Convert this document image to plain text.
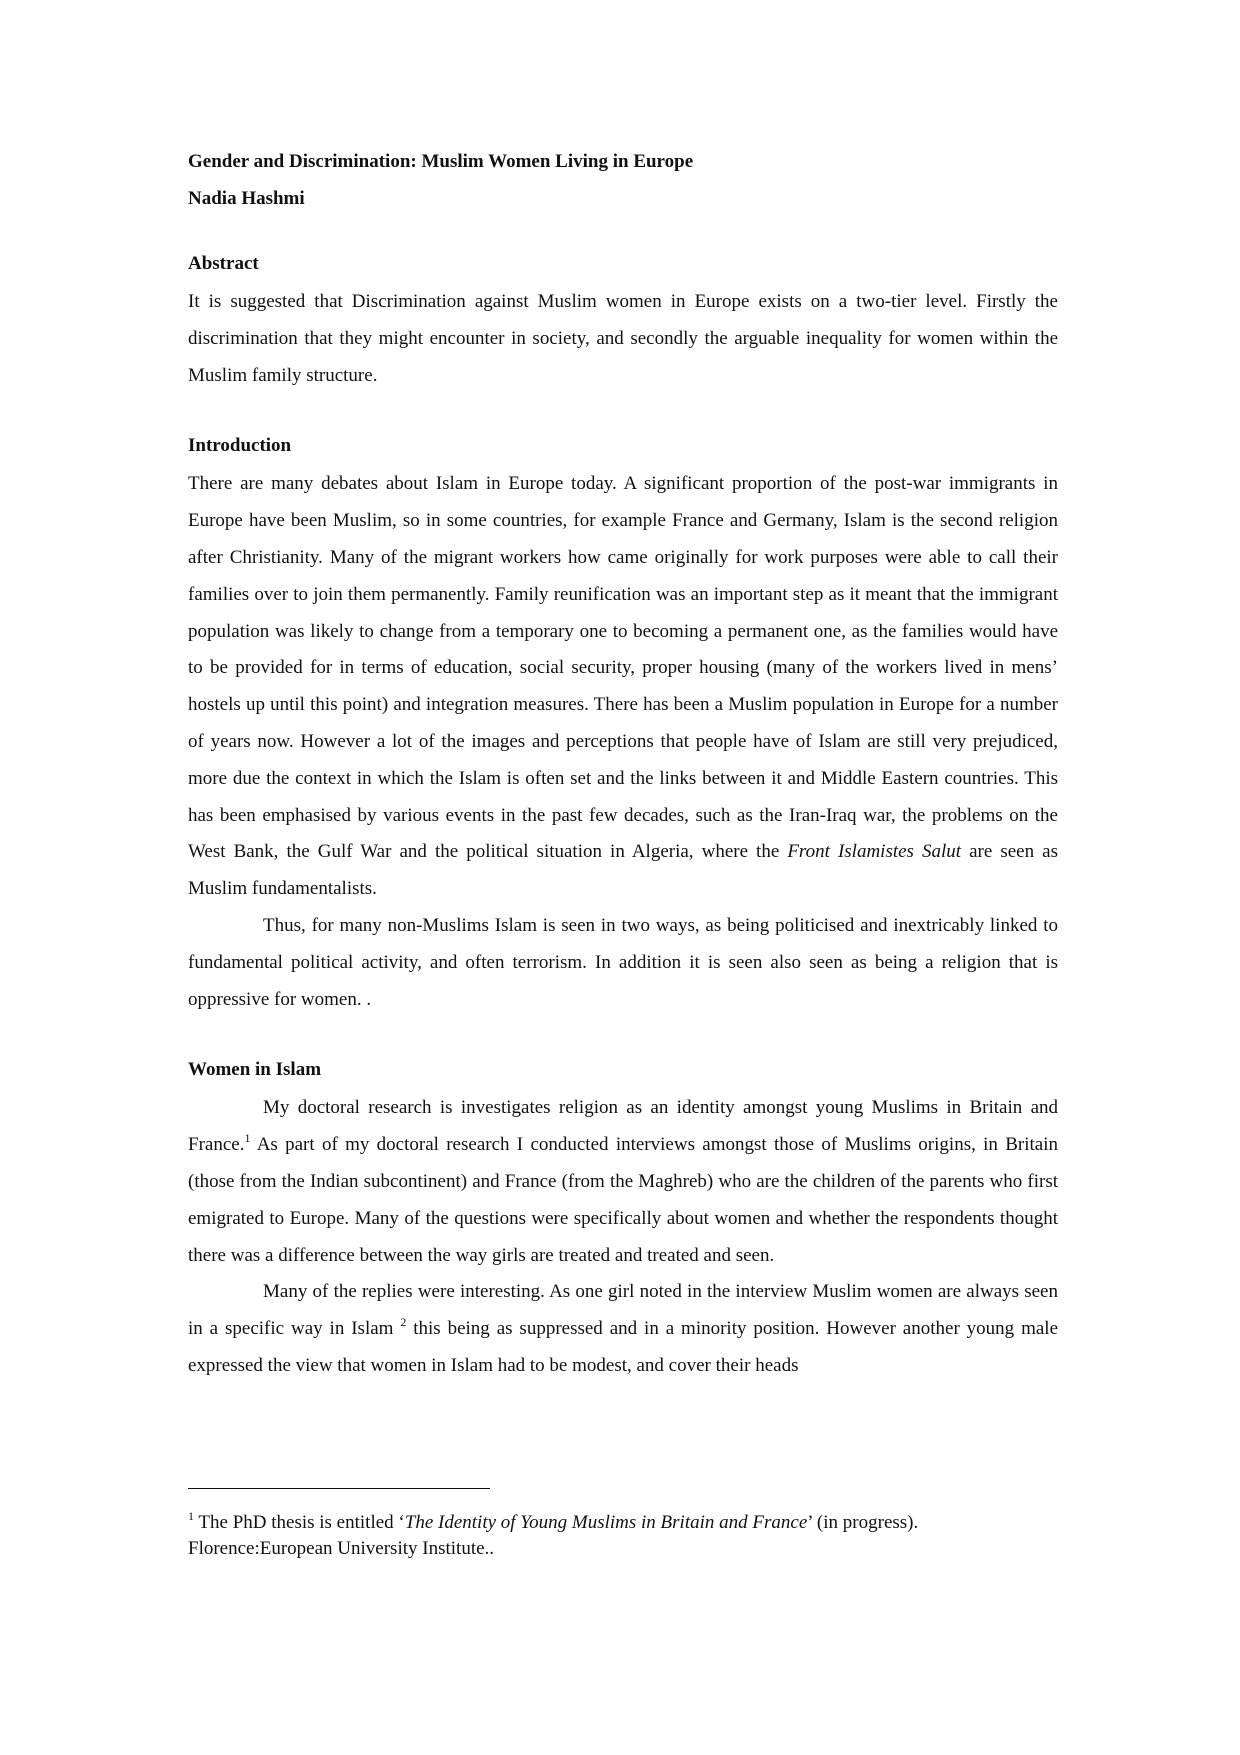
Gender and Discrimination: Muslim Women Living in Europe

Nadia Hashmi

Abstract

It is suggested that Discrimination against Muslim women in Europe exists on a two-tier level. Firstly the discrimination that they might encounter in society, and secondly the arguable inequality for women within the Muslim family structure.

Introduction

There are many debates about Islam in Europe today. A significant proportion of the post-war immigrants in Europe have been Muslim, so in some countries, for example France and Germany, Islam is the second religion after Christianity. Many of the migrant workers how came originally for work purposes were able to call their families over to join them permanently. Family reunification was an important step as it meant that the immigrant population was likely to change from a temporary one to becoming a permanent one, as the families would have to be provided for in terms of education, social security, proper housing (many of the workers lived in mens’ hostels up until this point) and integration measures. There has been a Muslim population in Europe for a number of years now. However a lot of the images and perceptions that people have of Islam are still very prejudiced, more due the context in which the Islam is often set and the links between it and Middle Eastern countries. This has been emphasised by various events in the past few decades, such as the Iran-Iraq war, the problems on the West Bank, the Gulf War and the political situation in Algeria, where the Front Islamistes Salut are seen as Muslim fundamentalists.

Thus, for many non-Muslims Islam is seen in two ways, as being politicised and inextricably linked to fundamental political activity, and often terrorism. In addition it is seen also seen as being a religion that is oppressive for women. .

Women in Islam

My doctoral research is investigates religion as an identity amongst young Muslims in Britain and France.$^1$ As part of my doctoral research I conducted interviews amongst those of Muslims origins, in Britain (those from the Indian subcontinent) and France (from the Maghreb) who are the children of the parents who first emigrated to Europe. Many of the questions were specifically about women and whether the respondents thought there was a difference between the way girls are treated and treated and seen.

Many of the replies were interesting. As one girl noted in the interview Muslim women are always seen in a specific way in Islam $^2$ this being as suppressed and in a minority position. However another young male expressed the view that women in Islam had to be modest, and cover their heads

$^1$ The PhD thesis is entitled ‘The Identity of Young Muslims in Britain and France’ (in progress).

Florence:European University Institute..
